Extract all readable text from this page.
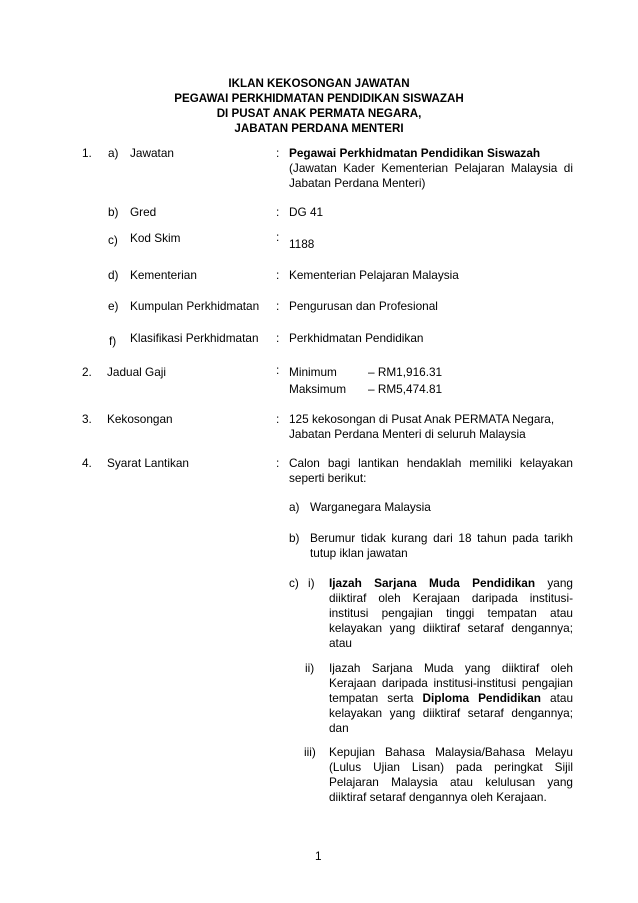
IKLAN KEKOSONGAN JAWATAN
PEGAWAI PERKHIDMATAN PENDIDIKAN SISWAZAH
DI PUSAT ANAK PERMATA NEGARA,
JABATAN PERDANA MENTERI
1. a) Jawatan	: Pegawai Perkhidmatan Pendidikan Siswazah
(Jawatan Kader Kementerian Pelajaran Malaysia di
Jabatan Perdana Menteri)
b) Gred	: DG 41
c) Kod Skim	: 1188
d) Kementerian	: Kementerian Pelajaran Malaysia
e) Kumpulan Perkhidmatan : Pengurusan dan Profesional
f) Klasifikasi Perkhidmatan : Perkhidmatan Pendidikan
2. Jadual Gaji	: Minimum	– RM1,916.31
Maksimum – RM5,474.81
3. Kekosongan	: 125 kekosongan di Pusat Anak PERMATA Negara,
Jabatan Perdana Menteri di seluruh Malaysia
4. Syarat Lantikan	: Calon bagi lantikan hendaklah memiliki kelayakan
seperti berikut:
a) Warganegara Malaysia
b) Berumur tidak kurang dari 18 tahun pada tarikh
tutup iklan jawatan
c) i) Ijazah Sarjana Muda Pendidikan yang
diiktiraf oleh Kerajaan daripada institusi-
institusi pengajian tinggi tempatan atau
kelayakan yang diiktiraf setaraf dengannya;
atau
ii) Ijazah Sarjana Muda yang diiktiraf oleh
Kerajaan daripada institusi-institusi pengajian
tempatan serta Diploma Pendidikan atau
kelayakan yang diiktiraf setaraf dengannya;
dan
iii) Kepujian Bahasa Malaysia/Bahasa Melayu
(Lulus Ujian Lisan) pada peringkat Sijil
Pelajaran Malaysia atau kelulusan yang
diiktiraf setaraf dengannya oleh Kerajaan.
1
